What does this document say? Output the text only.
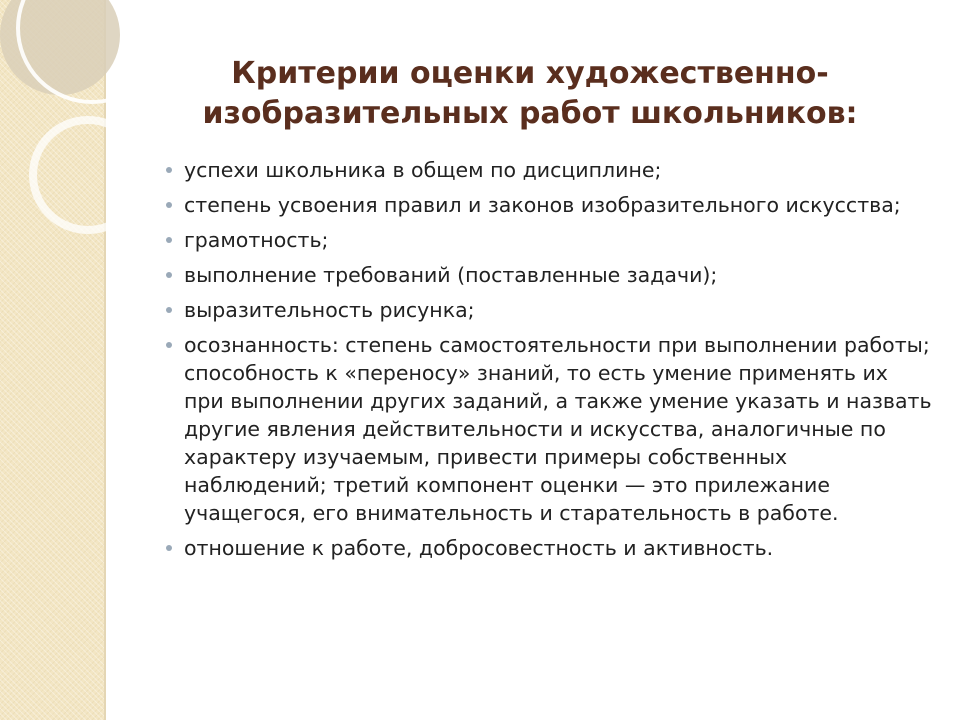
Критерии оценки художественно-
изобразительных работ школьников:
успехи школьника в общем по дисциплине;
степень усвоения правил и законов изобразительного искусства;
грамотность;
выполнение требований (поставленные задачи);
выразительность рисунка;
осознанность: степень самостоятельности при выполнении работы; способность к «переносу» знаний, то есть умение применять их при выполнении других заданий, а также умение указать и назвать другие явления действительности и искусства, аналогичные по характеру изучаемым, привести примеры собственных наблюдений; третий компонент оценки — это прилежание учащегося, его внимательность и старательность в работе.
отношение к работе, добросовестность и активность.
